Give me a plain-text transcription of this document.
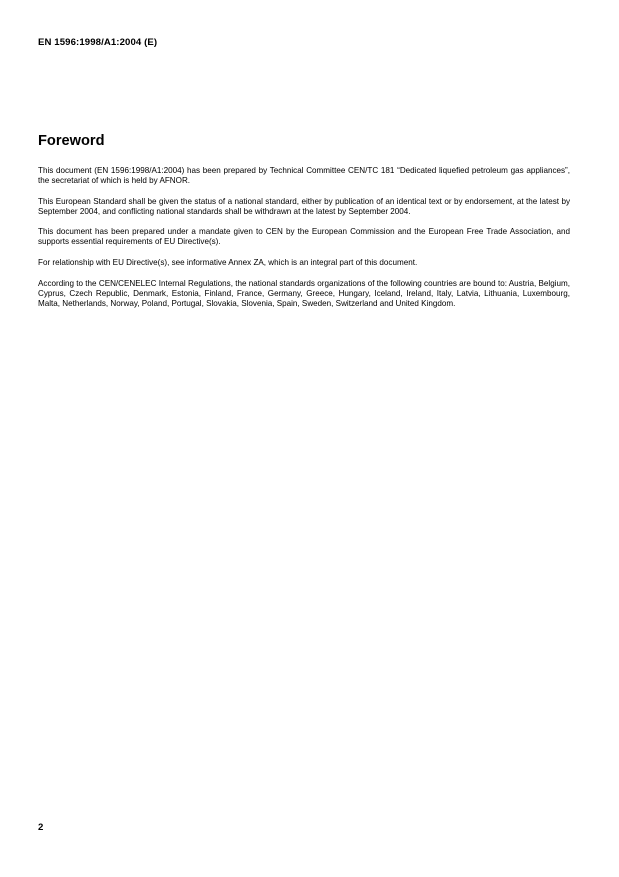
EN 1596:1998/A1:2004 (E)
Foreword

This document (EN 1596:1998/A1:2004) has been prepared by Technical Committee CEN/TC 181 “Dedicated liquefied petroleum gas appliances”, the secretariat of which is held by AFNOR.

This European Standard shall be given the status of a national standard, either by publication of an identical text or by endorsement, at the latest by September 2004, and conflicting national standards shall be withdrawn at the latest by September 2004.

This document has been prepared under a mandate given to CEN by the European Commission and the European Free Trade Association, and supports essential requirements of EU Directive(s).

For relationship with EU Directive(s), see informative Annex ZA, which is an integral part of this document.

According to the CEN/CENELEC Internal Regulations, the national standards organizations of the following countries are bound to: Austria, Belgium, Cyprus, Czech Republic, Denmark, Estonia, Finland, France, Germany, Greece, Hungary, Iceland, Ireland, Italy, Latvia, Lithuania, Luxembourg, Malta, Netherlands, Norway, Poland, Portugal, Slovakia, Slovenia, Spain, Sweden, Switzerland and United Kingdom.

2
